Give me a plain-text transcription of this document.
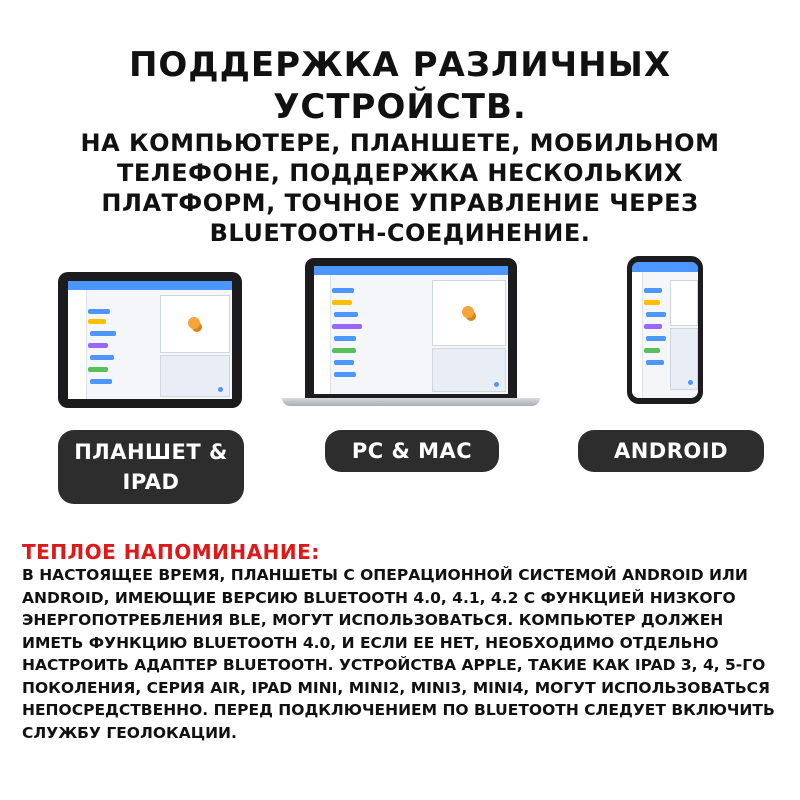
ПОДДЕРЖКА РАЗЛИЧНЫХ
УСТРОЙСТВ.
НА КОМПЬЮТЕРЕ, ПЛАНШЕТЕ, МОБИЛЬНОМ ТЕЛЕФОНЕ, ПОДДЕРЖКА НЕСКОЛЬКИХ ПЛАТФОРМ, ТОЧНОЕ УПРАВЛЕНИЕ ЧЕРЕЗ BLUETOOTH-СОЕДИНЕНИЕ.
ПЛАНШЕТ & IPAD
PC & MAC	ANDROID
ТЕПЛОЕ НАПОМИНАНИЕ:
В НАСТОЯЩЕЕ ВРЕМЯ, ПЛАНШЕТЫ С ОПЕРАЦИОННОЙ СИСТЕМОЙ ANDROID ИЛИ ANDROID, ИМЕЮЩИЕ ВЕРСИЮ BLUETOOTH 4.0, 4.1, 4.2 С ФУНКЦИЕЙ НИЗКОГО ЭНЕРГОПОТРЕБЛЕНИЯ BLE, МОГУТ ИСПОЛЬЗОВАТЬСЯ. КОМПЬЮТЕР ДОЛЖЕН ИМЕТЬ ФУНКЦИЮ BLUETOOTH 4.0, И ЕСЛИ ЕЕ НЕТ, НЕОБХОДИМО ОТДЕЛЬНО НАСТРОИТЬ АДАПТЕР BLUETOOTH. УСТРОЙСТВА APPLE, ТАКИЕ КАК IPAD 3, 4, 5-ГО ПОКОЛЕНИЯ, СЕРИЯ AIR, IPAD MINI, MINI2, MINI3, MINI4, МОГУТ ИСПОЛЬЗОВАТЬСЯ НЕПОСРЕДСТВЕННО. ПЕРЕД ПОДКЛЮЧЕНИЕМ ПО BLUETOOTH СЛЕДУЕТ ВКЛЮЧИТЬ СЛУЖБУ ГЕОЛОКАЦИИ.
